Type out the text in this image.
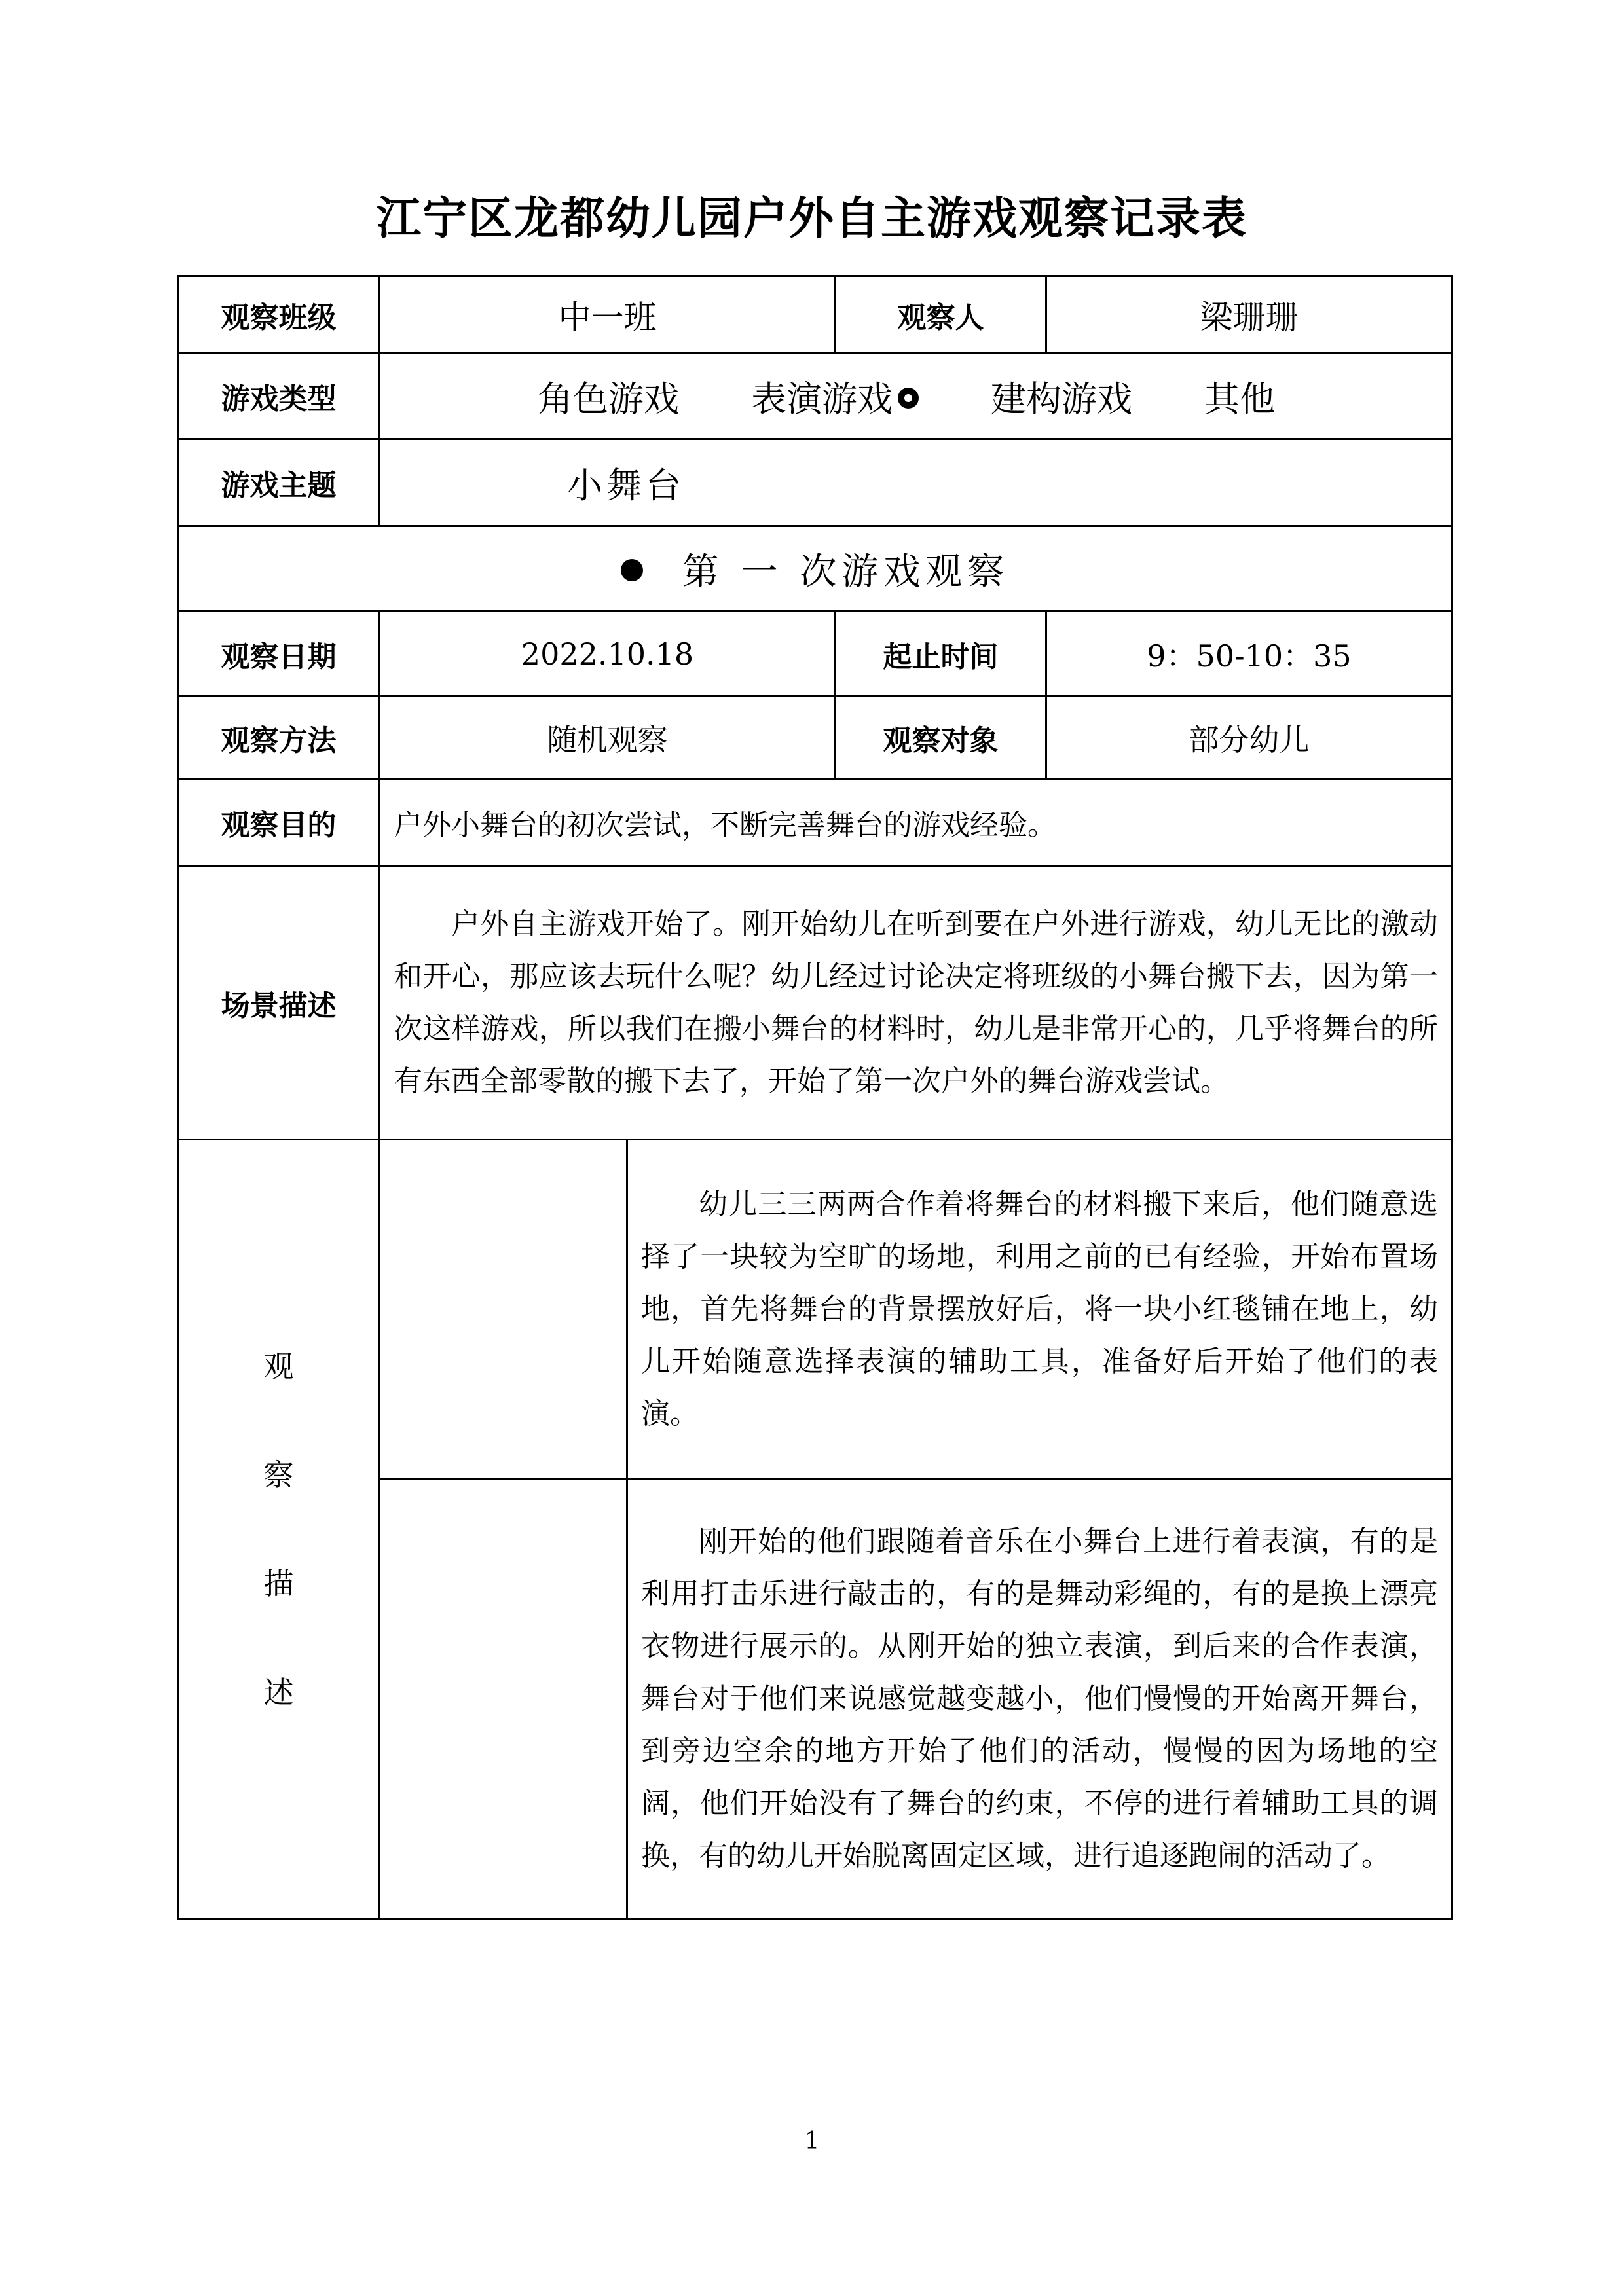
江宁区龙都幼儿园户外自主游戏观察记录表
观察班级	中一班		观察人	梁珊珊
游戏类型	角色游戏 表演游戏 建构游戏 其他			
游戏主题	小舞台			
第 一 次游戏观察				
观察日期	2022.10.18		起止时间	9：50-10：35
观察方法	随机观察		观察对象	部分幼儿
观察目的	户外小舞台的初次尝试，不断完善舞台的游戏经验。			
场景描述	户外自主游戏开始了。刚开始幼儿在听到要在户外进行游戏，幼儿无比的激动和开心，那应该去玩什么呢？幼儿经过讨论决定将班级的小舞台搬下去，因为第一次这样游戏，所以我们在搬小舞台的材料时，幼儿是非常开心的，几乎将舞台的所有东西全部零散的搬下去了，开始了第一次户外的舞台游戏尝试。			

观
察
描
述		幼儿三三两两合作着将舞台的材料搬下来后，他们随意选择了一块较为空旷的场地，利用之前的已有经验，开始布置场地，首先将舞台的背景摆放好后，将一块小红毯铺在地上，幼儿开始随意选择表演的辅助工具，准备好后开始了他们的表演。		

		刚开始的他们跟随着音乐在小舞台上进行着表演，有的是利用打击乐进行敲击的，有的是舞动彩绳的，有的是换上漂亮衣物进行展示的。从刚开始的独立表演，到后来的合作表演，舞台对于他们来说感觉越变越小，他们慢慢的开始离开舞台，到旁边空余的地方开始了他们的活动，慢慢的因为场地的空阔，他们开始没有了舞台的约束，不停的进行着辅助工具的调换，有的幼儿开始脱离固定区域，进行追逐跑闹的活动了。		

1
